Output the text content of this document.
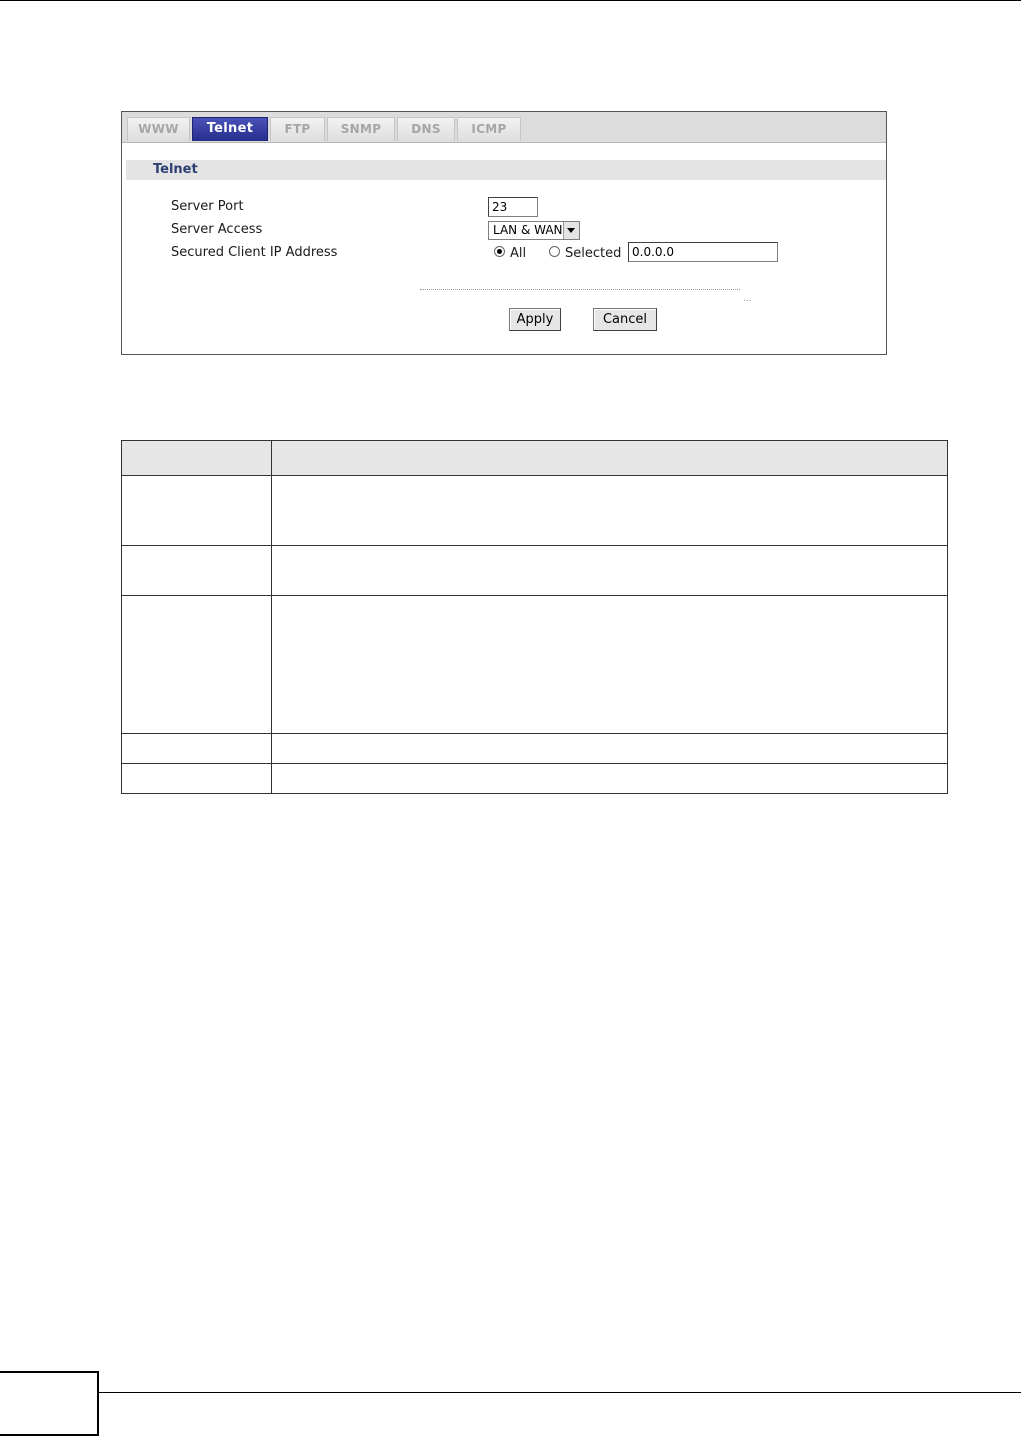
WWW	Telnet	FTP	SNMP	DNS	ICMP
Telnet
Server Port	23
Server Access	LAN & WAN
Secured Client IP Address	All	Selected 0.0.0.0
...
Apply	Cancel
